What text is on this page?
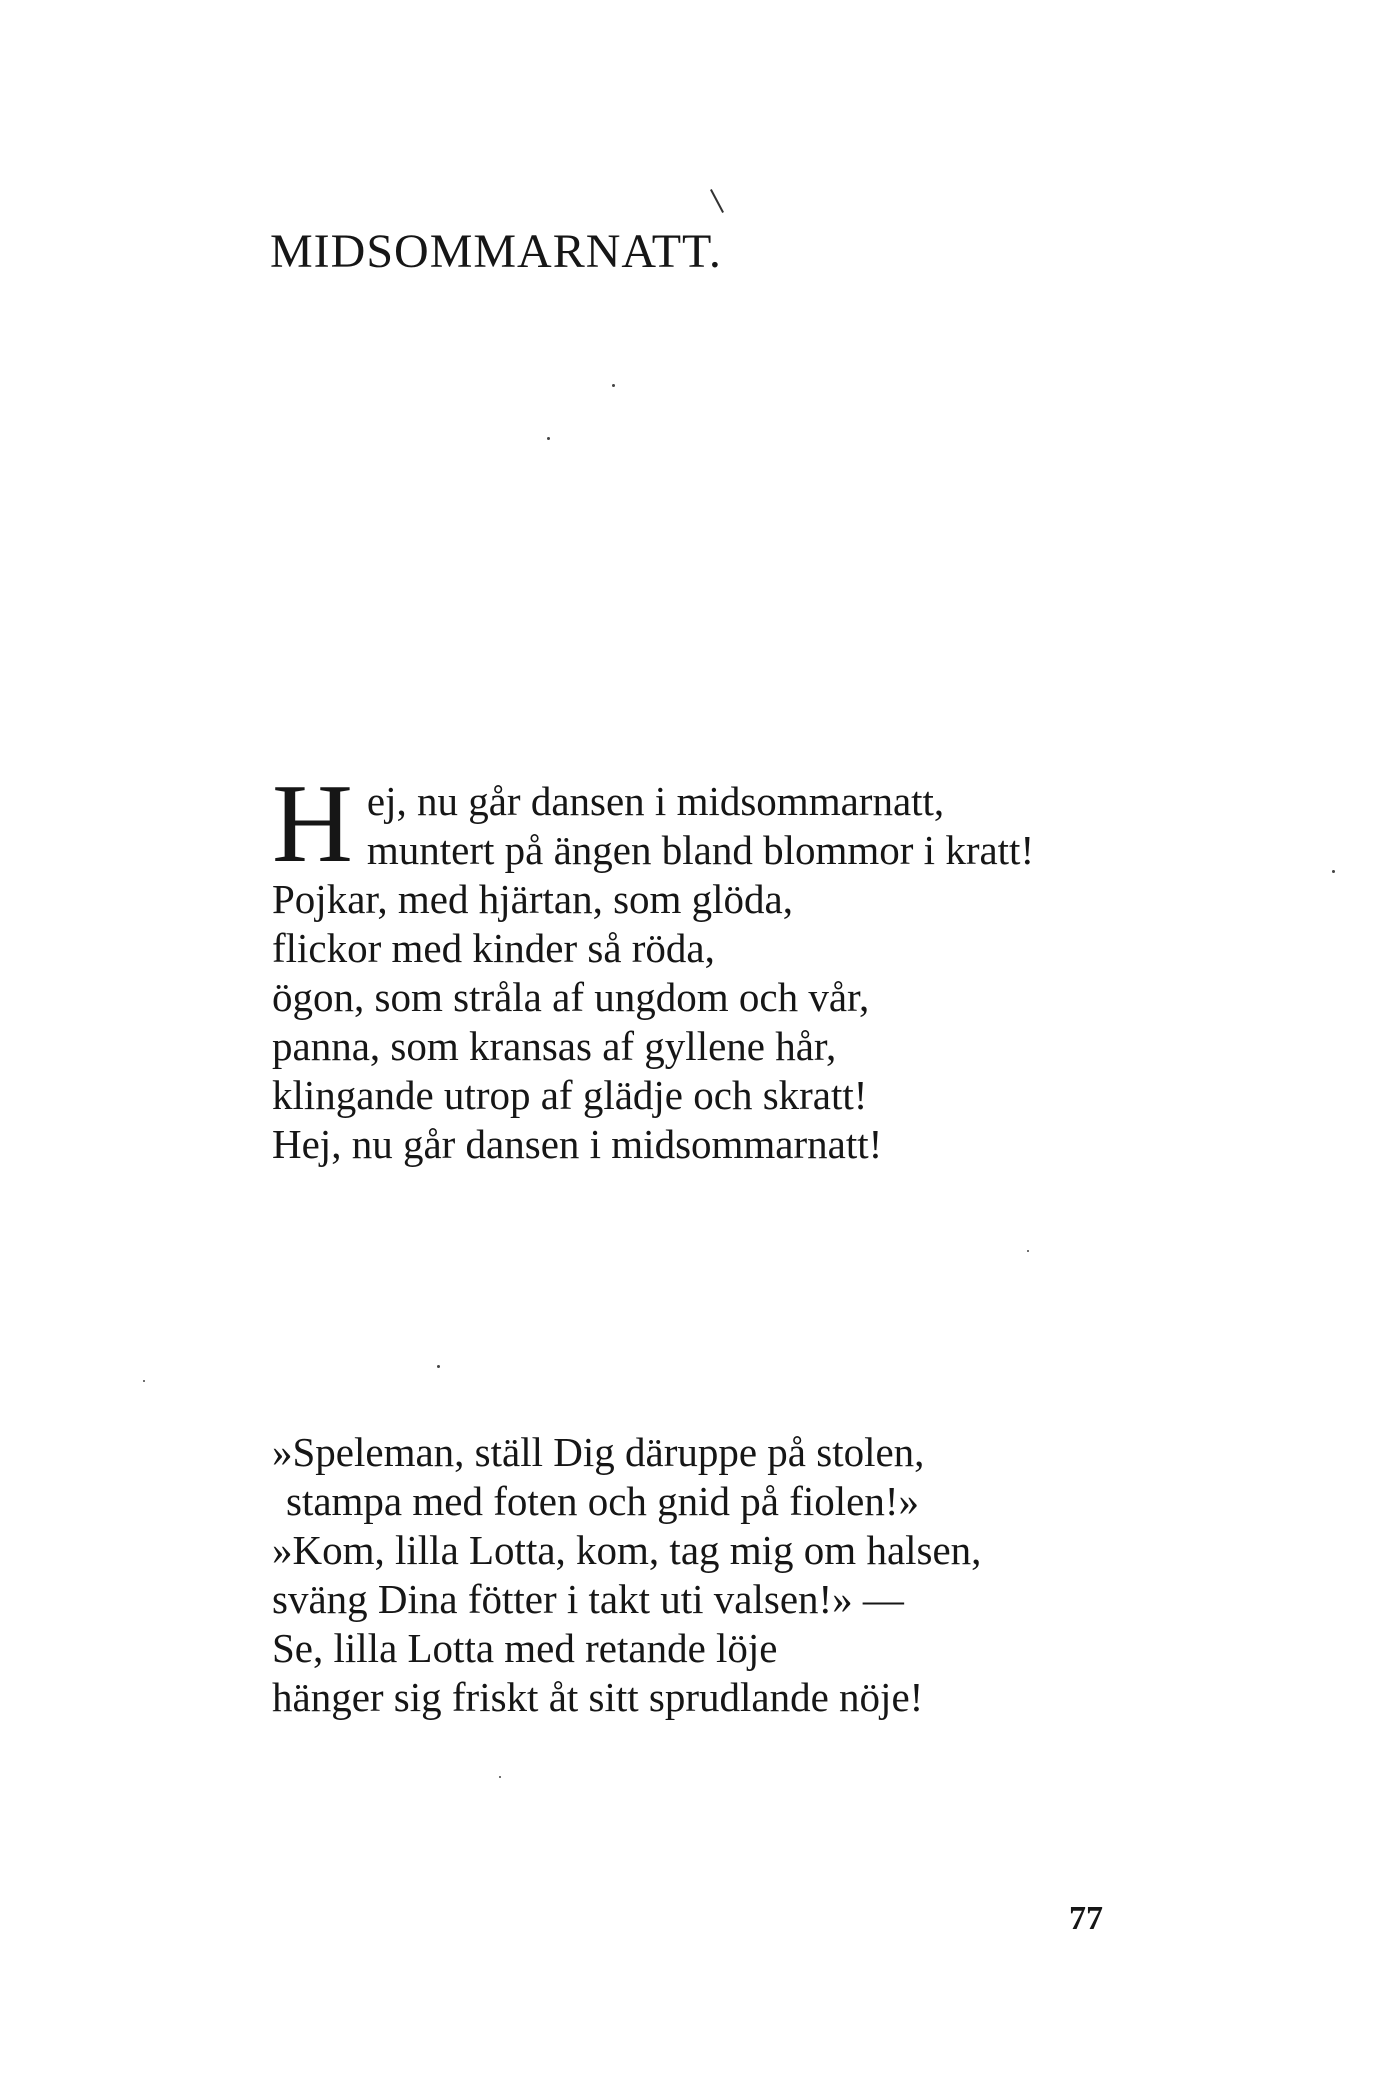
MIDSOMMARNATT.
H ej, nu går dansen i midsommarnatt,
muntert på ängen bland blommor i kratt!
Pojkar, med hjärtan, som glöda,
flickor med kinder så röda,
ögon, som stråla af ungdom och vår,
panna, som kransas af gyllene hår,
klingande utrop af glädje och skratt!
Hej, nu går dansen i midsommarnatt!
»Speleman, ställ Dig däruppe på stolen,
stampa med foten och gnid på fiolen!»
»Kom, lilla Lotta, kom, tag mig om halsen,
sväng Dina fötter i takt uti valsen!» —
Se, lilla Lotta med retande löje
hänger sig friskt åt sitt sprudlande nöje!
77
